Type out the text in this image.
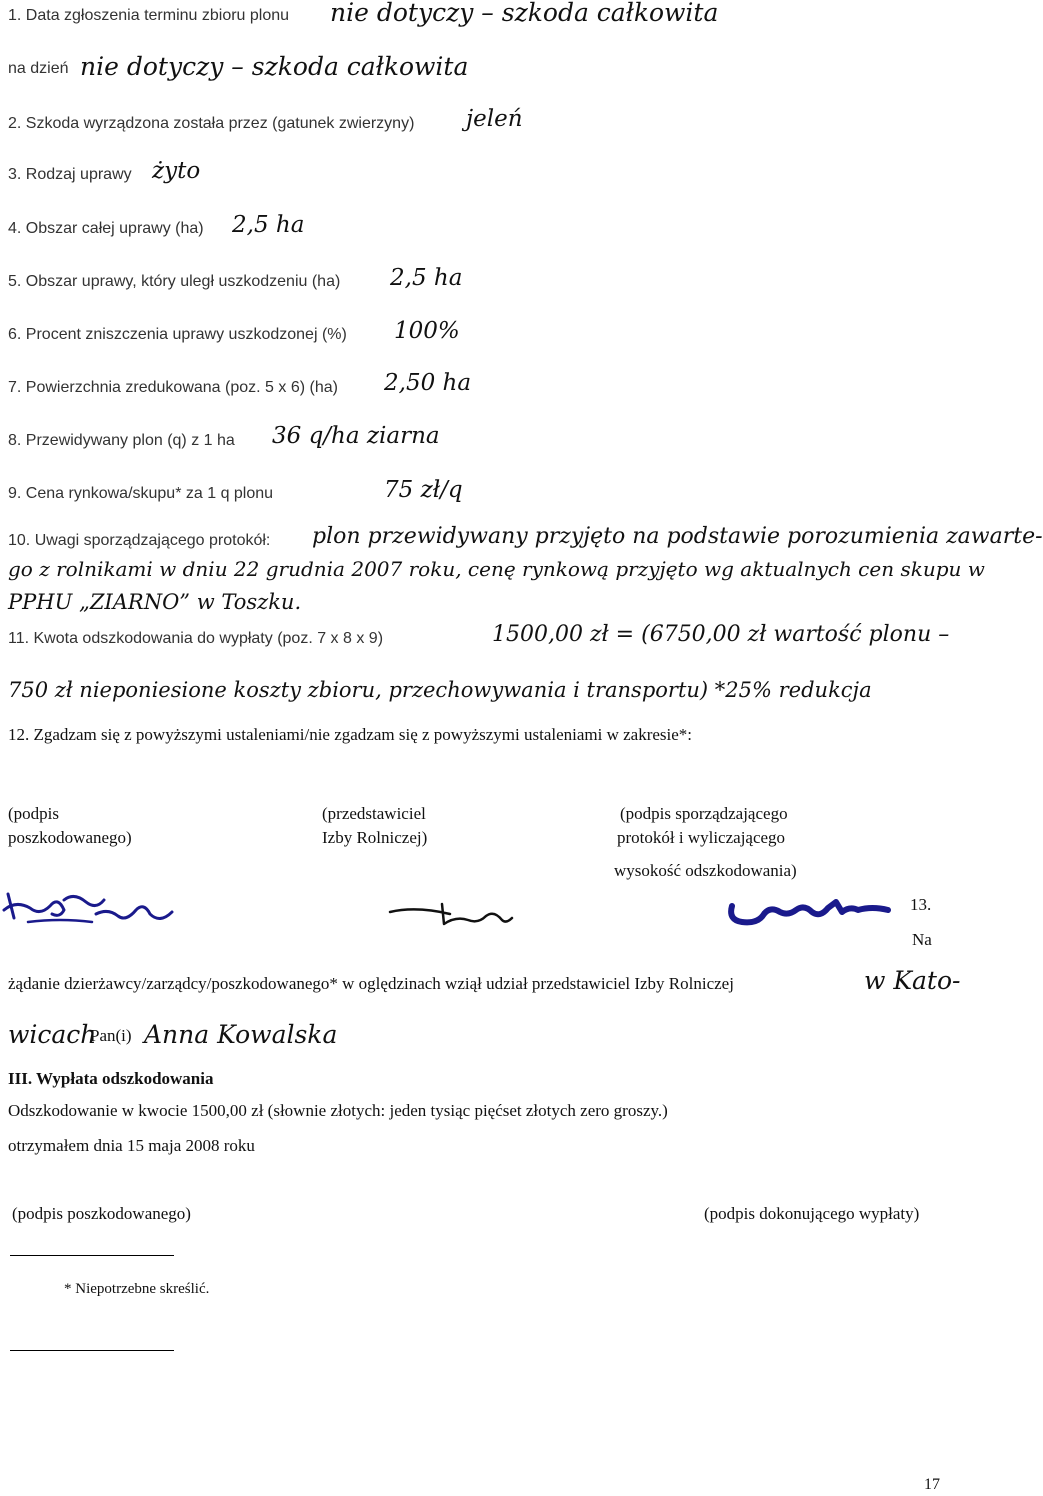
1. Data zgłoszenia terminu zbioru plonu nie dotyczy – szkoda całkowita
na dzień nie dotyczy – szkoda całkowita
2. Szkoda wyrządzona została przez (gatunek zwierzyny) jeleń
3. Rodzaj uprawy żyto
4. Obszar całej uprawy (ha) 2,5 ha
5. Obszar uprawy, który uległ uszkodzeniu (ha) 2,5 ha
6. Procent zniszczenia uprawy uszkodzonej (%) 100%
7. Powierzchnia zredukowana (poz. 5 x 6) (ha) 2,50 ha
8. Przewidywany plon (q) z 1 ha 36 q/ha ziarna
9. Cena rynkowa/skupu* za 1 q plonu	75 zł/q
10. Uwagi sporządzającego protokół: plon przewidywany przyjęto na podstawie porozumienia zawarte-
go z rolnikami w dniu 22 grudnia 2007 roku, cenę rynkową przyjęto wg aktualnych cen skupu w
PPHU „ZIARNO” w Toszku.
11. Kwota odszkodowania do wypłaty (poz. 7 x 8 x 9)	1500,00 zł = (6750,00 zł wartość plonu –
750 zł nieponiesione koszty zbioru, przechowywania i transportu) *25% redukcja
12. Zgadzam się z powyższymi ustaleniami/nie zgadzam się z powyższymi ustaleniami w zakresie*:
(podpis
poszkodowanego)
(przedstawiciel
Izby Rolniczej)
(podpis sporządzającego
protokół i wyliczającego
wysokość odszkodowania)
13.
Na
żądanie dzierżawcy/zarządcy/poszkodowanego* w oględzinach wziął udział przedstawiciel Izby Rolniczej	w Kato-
wicach
Pan(i) Anna Kowalska
III. Wypłata odszkodowania
Odszkodowanie w kwocie 1500,00 zł (słownie złotych: jeden tysiąc pięćset złotych zero groszy.)
otrzymałem dnia 15 maja 2008 roku
(podpis poszkodowanego)	(podpis dokonującego wypłaty)
* Niepotrzebne skreślić.
17
